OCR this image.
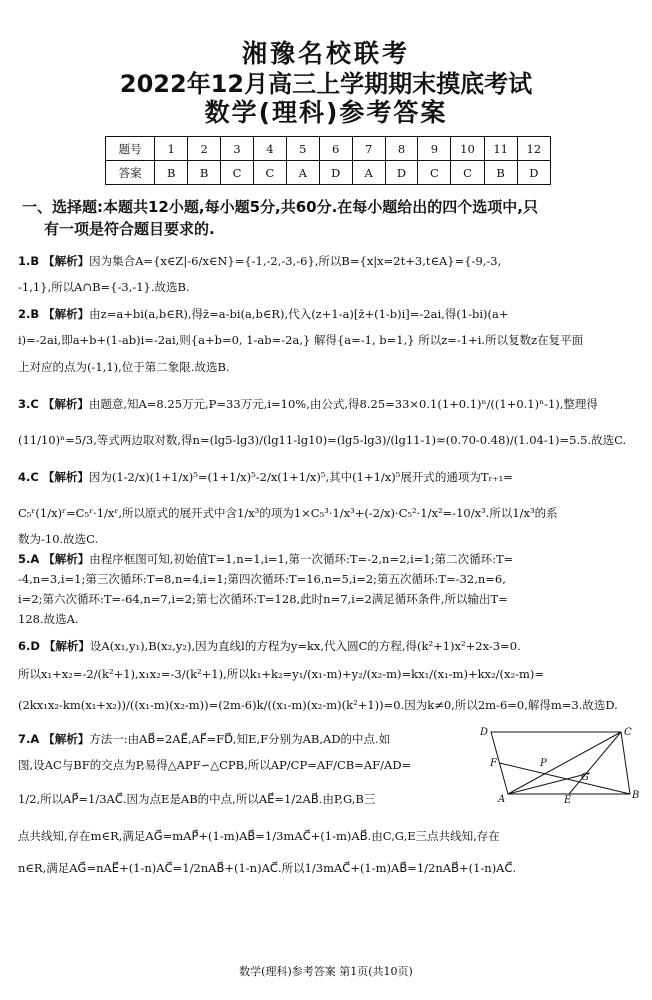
湘豫名校联考
2022年12月高三上学期期末摸底考试
数学(理科)参考答案
题号	1	2	3	4	5	6	7	8	9	10	11	12
答案	B	B	C	C	A	D	A	D	C	C	B	D
一、选择题:本题共12小题,每小题5分,共60分.在每小题给出的四个选项中,只
有一项是符合题目要求的.
1.B 【解析】因为集合A={x∈Z|-6/x∈N}={-1,-2,-3,-6},所以B={x|x=2t+3,t∈A}={-9,-3,
-1,1},所以A∩B={-3,-1}.故选B.
2.B 【解析】由z=a+bi(a,b∈R),得z̄=a-bi(a,b∈R),代入(z+1-a)[z̄+(1-b)i]=-2ai,得(1-bi)(a+
i)=-2ai,即a+b+(1-ab)i=-2ai,则{a+b=0, 1-ab=-2a,} 解得{a=-1, b=1,} 所以z=-1+i.所以复数z在复平面
上对应的点为(-1,1),位于第二象限.故选B.
3.C 【解析】由题意,知A=8.25万元,P=33万元,i=10%,由公式,得8.25=33×0.1(1+0.1)ⁿ/((1+0.1)ⁿ-1),整理得
(11/10)ⁿ=5/3,等式两边取对数,得n=(lg5-lg3)/(lg11-lg10)=(lg5-lg3)/(lg11-1)≈(0.70-0.48)/(1.04-1)=5.5.故选C.
4.C 【解析】因为(1-2/x)(1+1/x)⁵=(1+1/x)⁵-2/x(1+1/x)⁵,其中(1+1/x)⁵展开式的通项为Tᵣ₊₁=
C₅ʳ(1/x)ʳ=C₅ʳ·1/xʳ,所以原式的展开式中含1/x³的项为1×C₅³·1/x³+(-2/x)·C₅²·1/x²=-10/x³.所以1/x³的系
数为-10.故选C.
5.A 【解析】由程序框图可知,初始值T=1,n=1,i=1,第一次循环:T=-2,n=2,i=1;第二次循环:T=
-4,n=3,i=1;第三次循环:T=8,n=4,i=1;第四次循环:T=16,n=5,i=2;第五次循环:T=-32,n=6,
i=2;第六次循环:T=-64,n=7,i=2;第七次循环:T=128,此时n=7,i=2满足循环条件,所以输出T=
128.故选A.
6.D 【解析】设A(x₁,y₁),B(x₂,y₂),因为直线l的方程为y=kx,代入圆C的方程,得(k²+1)x²+2x-3=0.
所以x₁+x₂=-2/(k²+1),x₁x₂=-3/(k²+1),所以k₁+k₂=y₁/(x₁-m)+y₂/(x₂-m)=kx₁/(x₁-m)+kx₂/(x₂-m)=
(2kx₁x₂-km(x₁+x₂))/((x₁-m)(x₂-m))=(2m-6)k/((x₁-m)(x₂-m)(k²+1))=0.因为k≠0,所以2m-6=0,解得m=3.故选D.
7.A 【解析】方法一:由AB⃗=2AE⃗,AF⃗=FD⃗,知E,F分别为AB,AD的中点.如
图,设AC与BF的交点为P,易得△APF∽△CPB,所以AP/CP=AF/CB=AF/AD=
1/2,所以AP⃗=1/3AC⃗.因为点E是AB的中点,所以AE⃗=1/2AB⃗.由P,G,B三
点共线知,存在m∈R,满足AG⃗=mAP⃗+(1-m)AB⃗=1/3mAC⃗+(1-m)AB⃗.由C,G,E三点共线知,存在
n∈R,满足AG⃗=nAE⃗+(1-n)AC⃗=1/2nAB⃗+(1-n)AC⃗.所以1/3mAC⃗+(1-m)AB⃗=1/2nAB⃗+(1-n)AC⃗.
D	C
F	P
G
A	E	B
数学(理科)参考答案 第1页(共10页)
